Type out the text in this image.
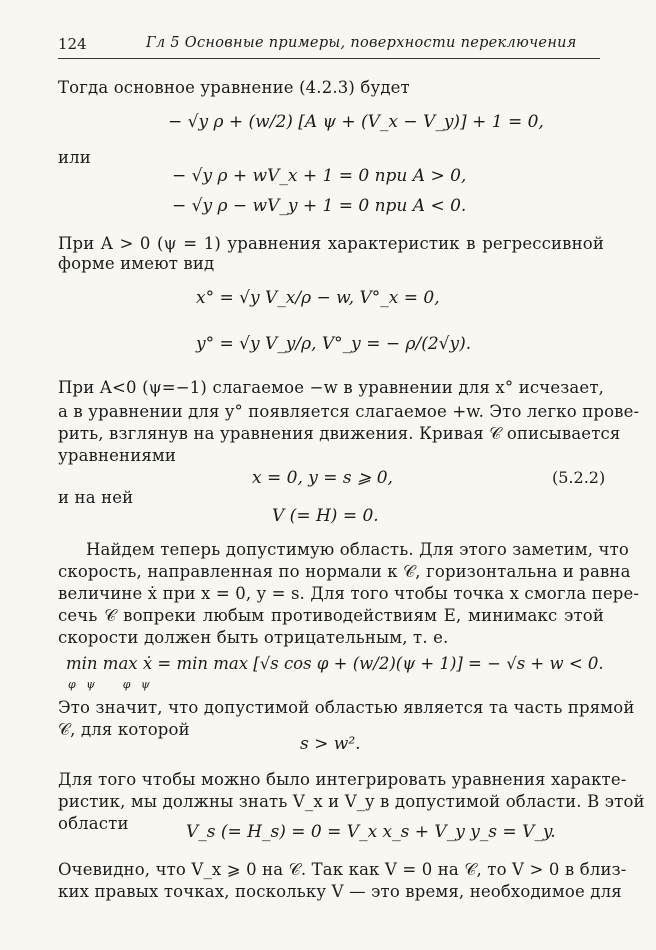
124	Гл 5 Основные примеры, поверхности переключения
Тогда основное уравнение (4.2.3) будет
− √y ρ + (w/2) [A ψ + (V_x − V_y)] + 1 = 0,
или
− √y ρ + wV_x + 1 = 0 при A > 0,
− √y ρ − wV_y + 1 = 0 при A < 0.
При A > 0 (ψ = 1) уравнения характеристик в регрессивной
форме имеют вид
x° = √y V_x/ρ − w, V°_x = 0,
y° = √y V_y/ρ, V°_y = − ρ/(2√y).
При A<0 (ψ=−1) слагаемое −w в уравнении для x° исчезает,
а в уравнении для y° появляется слагаемое +w. Это легко прове-
рить, взглянув на уравнения движения. Кривая 𝒞 описывается
уравнениями
x = 0, y = s ⩾ 0,	(5.2.2)
и на ней
V (= H) = 0.
Найдем теперь допустимую область. Для этого заметим, что
скорость, направленная по нормали к 𝒞, горизонтальна и равна
величине ẋ при x = 0, y = s. Для того чтобы точка x смогла пере-
сечь 𝒞 вопреки любым противодействиям E, минимакс этой
скорости должен быть отрицательным, т. е.
min max ẋ = min max [√s cos φ + (w/2)(ψ + 1)] = − √s + w < 0.
φ   ψ        φ   ψ
Это значит, что допустимой областью является та часть прямой
𝒞, для которой
s > w².
Для того чтобы можно было интегрировать уравнения характе-
ристик, мы должны знать V_x и V_y в допустимой области. В этой
области	V_s (= H_s) = 0 = V_x x_s + V_y y_s = V_y.
Очевидно, что V_x ⩾ 0 на 𝒞. Так как V = 0 на 𝒞, то V > 0 в близ-
ких правых точках, поскольку V — это время, необходимое для
